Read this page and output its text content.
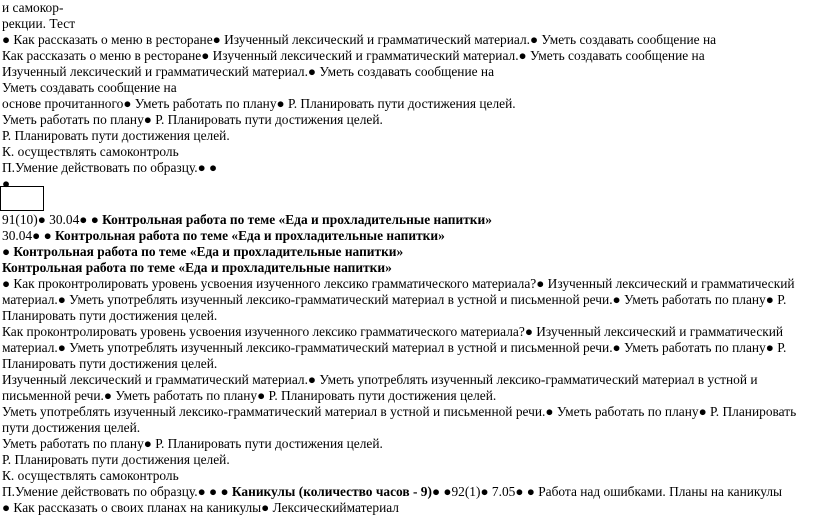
и самокор-
рекции. Тест
● Как рассказать о меню в ресторане● Изученный лексический и грамматический материал.● Уметь создавать сообщение на
Как рассказать о меню в ресторане● Изученный лексический и грамматический материал.● Уметь создавать сообщение на
Изученный лексический и грамматический материал.● Уметь создавать сообщение на
Уметь создавать сообщение на
основе прочитанного● Уметь работать по плану● Р. Планировать пути достижения целей.
Уметь работать по плану● Р. Планировать пути достижения целей.
Р. Планировать пути достижения целей.
К. осуществлять самоконтроль
П.Умение действовать по образцу.● ●
●
91(10)● 30.04● ● Контрольная работа по теме «Еда и прохладительные напитки»
30.04● ● Контрольная работа по теме «Еда и прохладительные напитки»
● Контрольная работа по теме «Еда и прохладительные напитки»
Контрольная работа по теме «Еда и прохладительные напитки»
● Как проконтролировать уровень усвоения изученного лексико грамматического материала?● Изученный лексический и грамматический
материал.● Уметь употреблять изученный лексико-грамматический материал в устной и письменной речи.● Уметь работать по плану● Р.
Планировать пути достижения целей.
Как проконтролировать уровень усвоения изученного лексико грамматического материала?● Изученный лексический и грамматический
материал.● Уметь употреблять изученный лексико-грамматический материал в устной и письменной речи.● Уметь работать по плану● Р.
Планировать пути достижения целей.
Изученный лексический и грамматический материал.● Уметь употреблять изученный лексико-грамматический материал в устной и
письменной речи.● Уметь работать по плану● Р. Планировать пути достижения целей.
Уметь употреблять изученный лексико-грамматический материал в устной и письменной речи.● Уметь работать по плану● Р. Планировать
пути достижения целей.
Уметь работать по плану● Р. Планировать пути достижения целей.
Р. Планировать пути достижения целей.
К. осуществлять самоконтроль
П.Умение действовать по образцу.● ● ● Каникулы (количество часов - 9)● ●92(1)● 7.05● ● Работа над ошибками. Планы на каникулы
● Как рассказать о своих планах на каникулы● Лексическийматериал
